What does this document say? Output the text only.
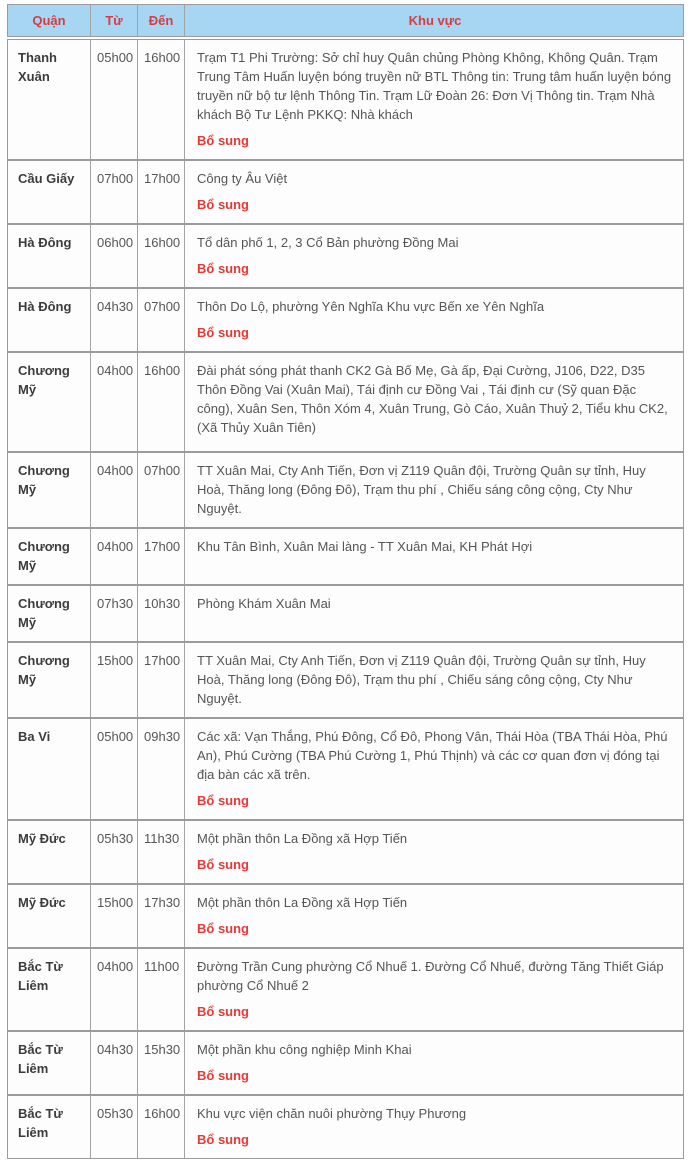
Quận	Từ	Đến	Khu vực
Thanh Xuân
05h00 16h00 Trạm T1 Phi Trường: Sở chỉ huy Quân chủng Phòng Không, Không Quân. Trạm Trung Tâm Huấn luyện bóng truyền nữ BTL Thông tin: Trung tâm huấn luyện bóng truyền nữ bộ tư lệnh Thông Tin. Trạm Lữ Đoàn 26: Đơn Vị Thông tin. Trạm Nhà khách Bộ Tư Lệnh PKKQ: Nhà khách
Bổ sung
Cầu Giấy	07h00 17h00 Công ty Âu Việt
Bổ sung
Hà Đông	06h00 16h00 Tổ dân phố 1, 2, 3 Cổ Bản phường Đồng Mai
Bổ sung
Hà Đông	04h30 07h00 Thôn Do Lộ, phường Yên Nghĩa Khu vực Bến xe Yên Nghĩa
Bổ sung
Chương Mỹ
04h00 16h00 Đài phát sóng phát thanh CK2 Gà Bố Mẹ, Gà ấp, Đại Cường, J106, D22, D35 Thôn Đồng Vai (Xuân Mai), Tái định cư Đồng Vai , Tái định cư (Sỹ quan Đặc công), Xuân Sen, Thôn Xóm 4, Xuân Trung, Gò Cáo, Xuân Thuỷ 2, Tiểu khu CK2, (Xã Thủy Xuân Tiên)
Chương Mỹ
04h00 07h00 TT Xuân Mai, Cty Anh Tiến, Đơn vị Z119 Quân đội, Trường Quân sự tỉnh, Huy Hoà, Thăng long (Đông Đô), Trạm thu phí , Chiếu sáng công cộng, Cty Như Nguyệt.
Chương Mỹ
04h00 17h00 Khu Tân Bình, Xuân Mai làng - TT Xuân Mai, KH Phát Hợi
Chương Mỹ
07h30 10h30 Phòng Khám Xuân Mai
Chương Mỹ
15h00 17h00 TT Xuân Mai, Cty Anh Tiến, Đơn vị Z119 Quân đội, Trường Quân sự tỉnh, Huy Hoà, Thăng long (Đông Đô), Trạm thu phí , Chiếu sáng công cộng, Cty Như Nguyệt.
Ba Vi	05h00 09h30 Các xã: Vạn Thắng, Phú Đông, Cổ Đô, Phong Vân, Thái Hòa (TBA Thái Hòa, Phú An), Phú Cường (TBA Phú Cường 1, Phú Thịnh) và các cơ quan đơn vị đóng tại địa bàn các xã trên.
Bổ sung
Mỹ Đức	05h30 11h30	Một phần thôn La Đồng xã Hợp Tiến
Bổ sung
Mỹ Đức	15h00 17h30 Một phần thôn La Đồng xã Hợp Tiến
Bổ sung
Bắc Từ Liêm
04h00 11h00	Đường Trần Cung phường Cổ Nhuế 1. Đường Cổ Nhuế, đường Tăng Thiết Giáp phường Cổ Nhuế 2
Bổ sung
Bắc Từ Liêm
04h30 15h30 Một phần khu công nghiệp Minh Khai
Bổ sung
Bắc Từ Liêm
05h30 16h00 Khu vực viện chăn nuôi phường Thụy Phương
Bổ sung
